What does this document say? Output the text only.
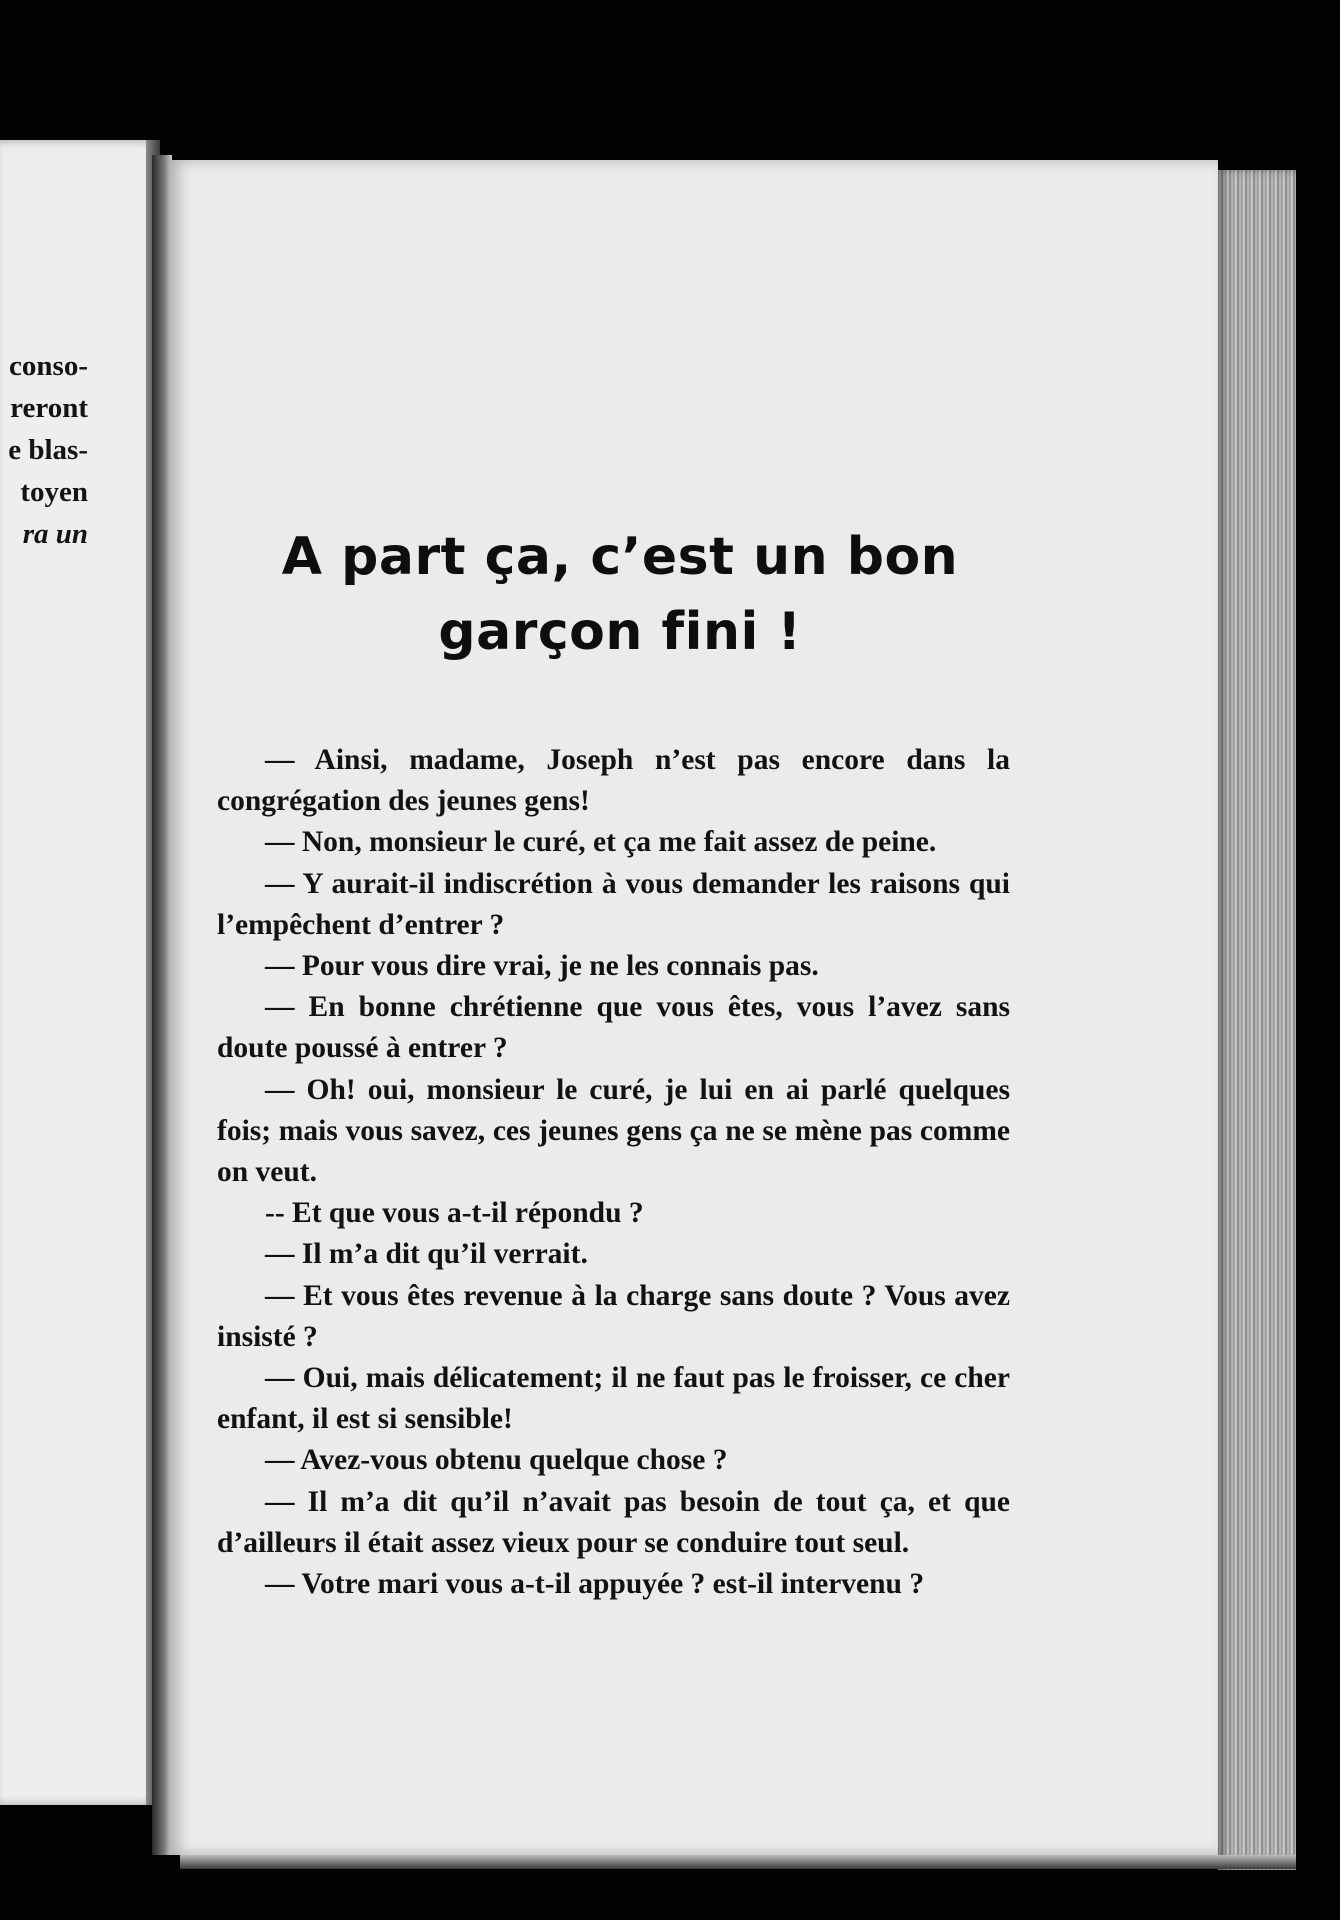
conso-
reront
e blas-
toyen
ra un	A part ça, c’est un bon
garçon fini !

— Ainsi, madame, Joseph n’est pas encore dans la congrégation des jeunes gens!

— Non, monsieur le curé, et ça me fait assez de peine.

— Y aurait-il indiscrétion à vous demander les raisons qui l’empêchent d’entrer ?

— Pour vous dire vrai, je ne les connais pas.

— En bonne chrétienne que vous êtes, vous l’avez sans doute poussé à entrer ?

— Oh! oui, monsieur le curé, je lui en ai parlé quelques fois; mais vous savez, ces jeunes gens ça ne se mène pas comme on veut.

-- Et que vous a-t-il répondu ?

— Il m’a dit qu’il verrait.

— Et vous êtes revenue à la charge sans doute ? Vous avez insisté ?

— Oui, mais délicatement; il ne faut pas le froisser, ce cher enfant, il est si sensible!

— Avez-vous obtenu quelque chose ?

— Il m’a dit qu’il n’avait pas besoin de tout ça, et que d’ailleurs il était assez vieux pour se conduire tout seul.

— Votre mari vous a-t-il appuyée ? est-il intervenu ?
